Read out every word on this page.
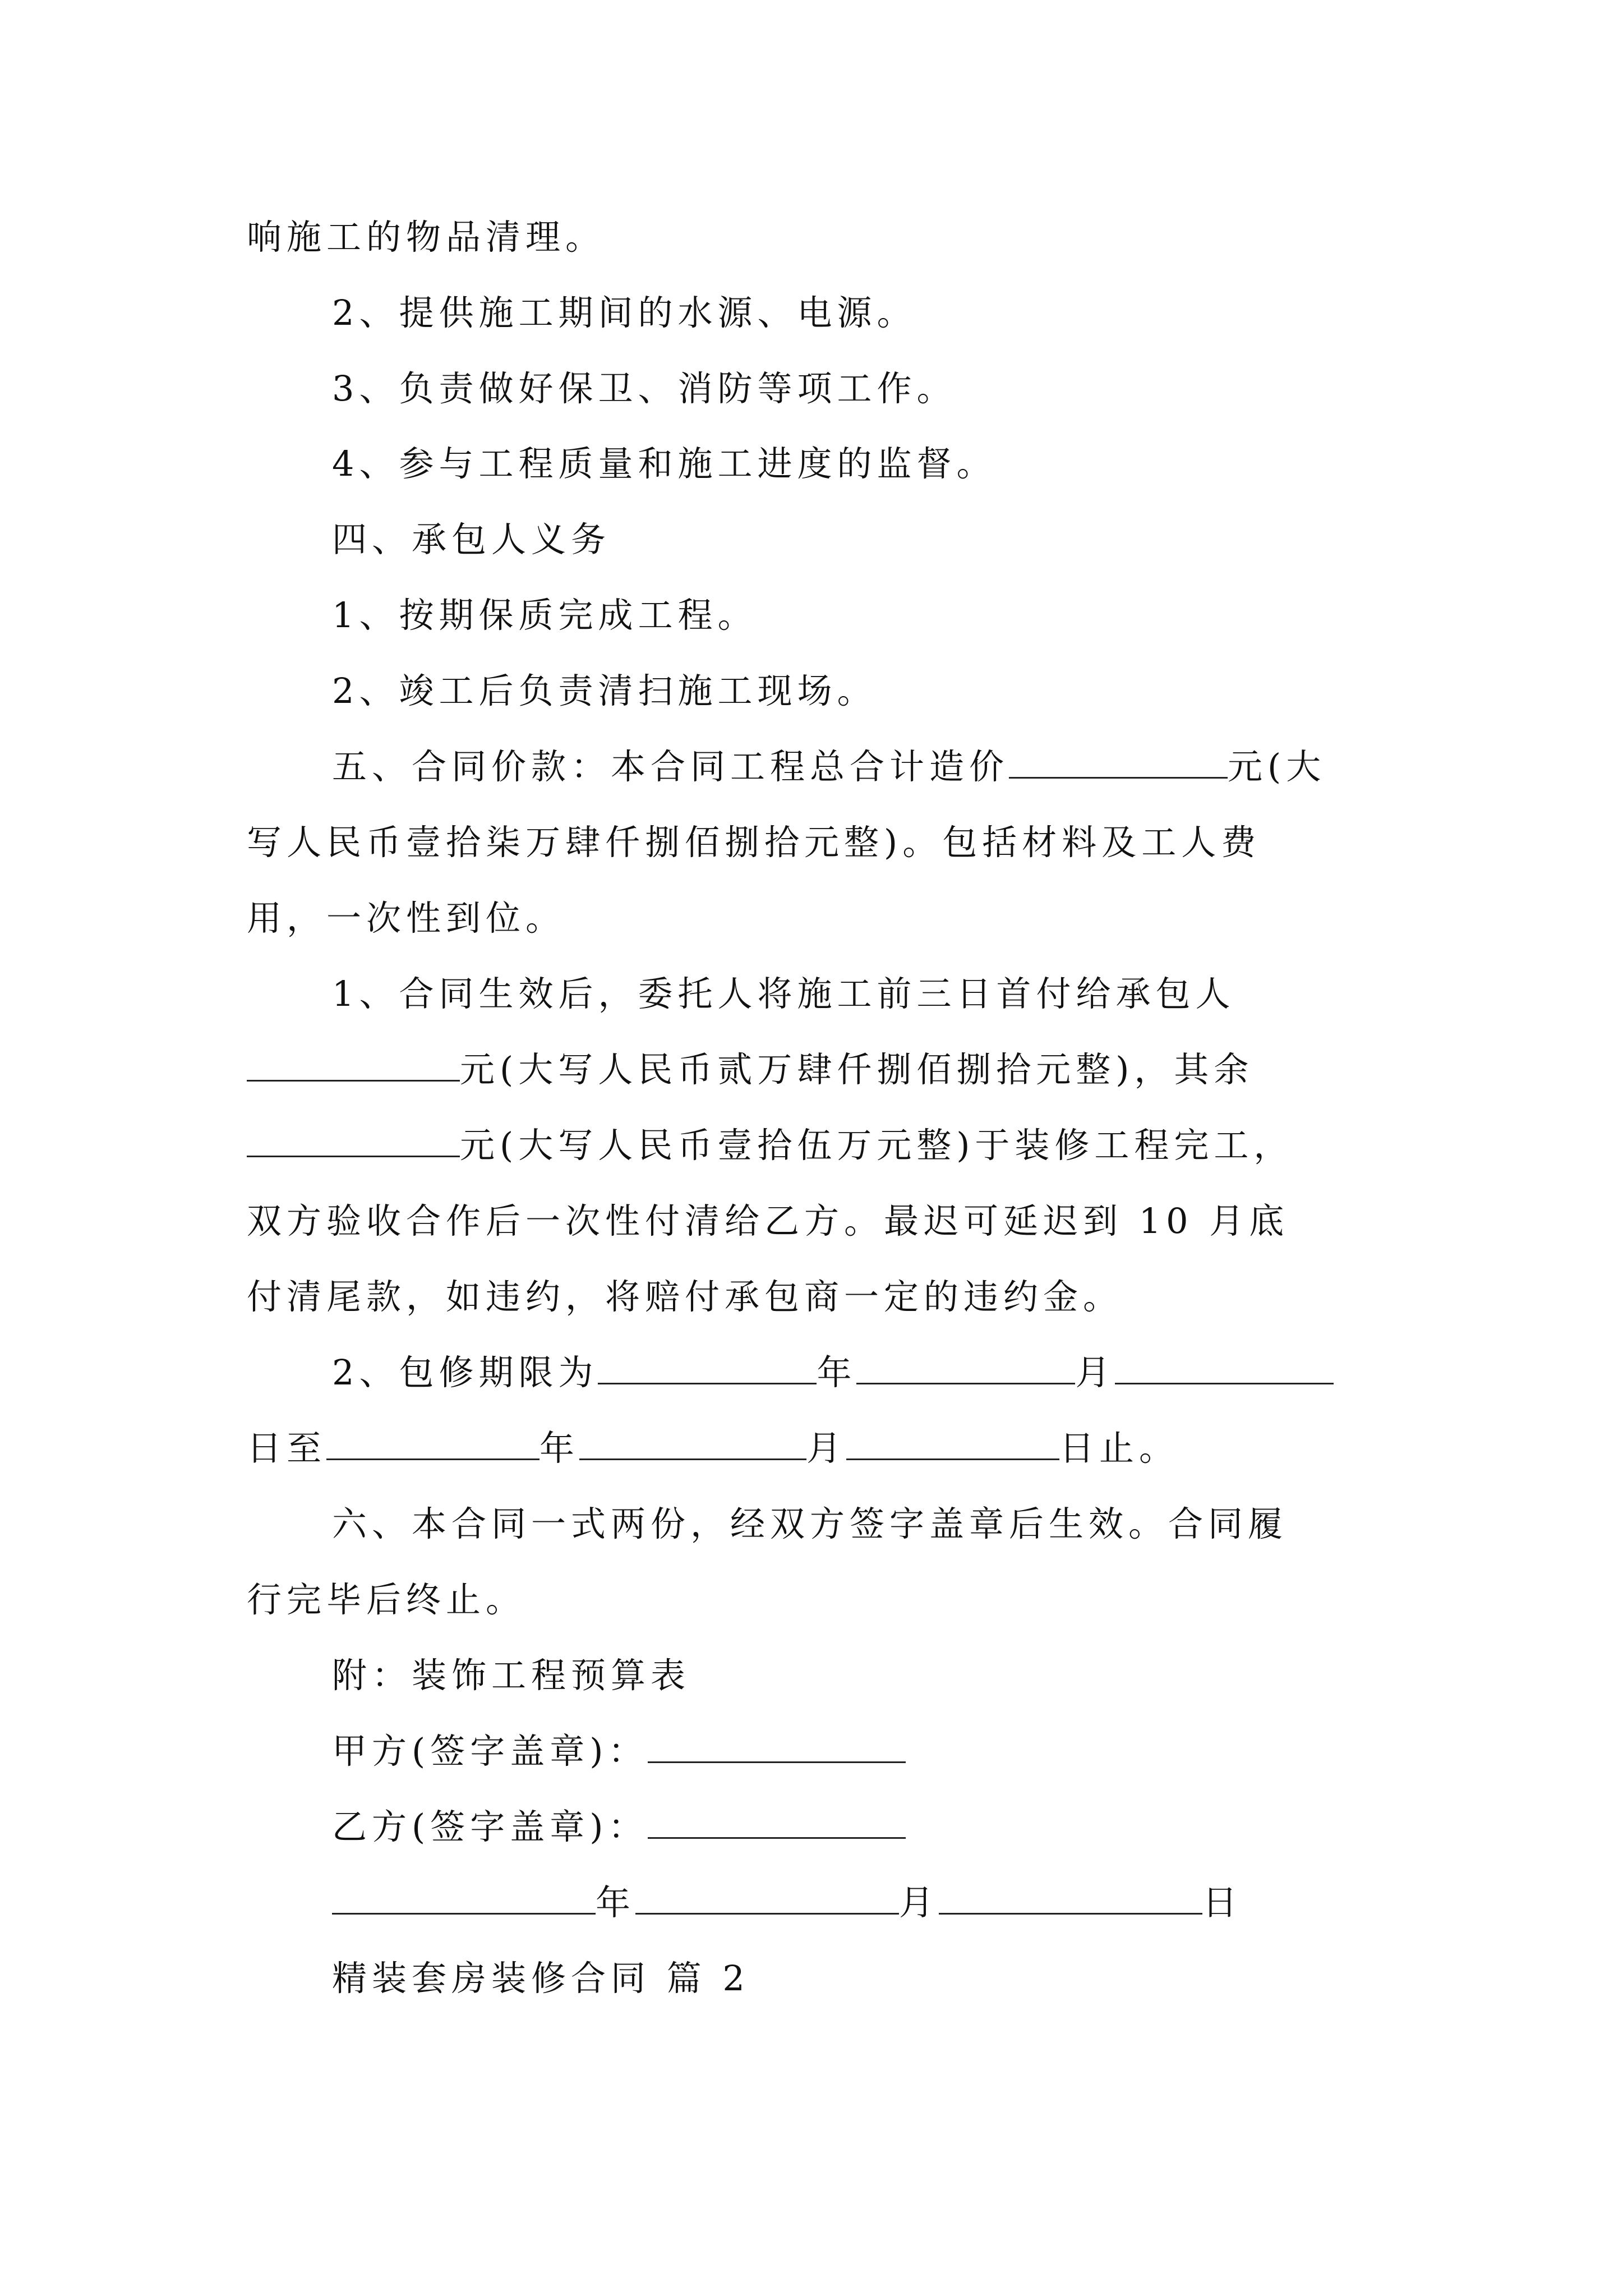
响施工的物品清理。
2、提供施工期间的水源、电源。
3、负责做好保卫、消防等项工作。
4、参与工程质量和施工进度的监督。
四、承包人义务
1、按期保质完成工程。
2、竣工后负责清扫施工现场。
五、合同价款：本合同工程总合计造价	元(大
写人民币壹拾柒万肆仟捌佰捌拾元整)。包括材料及工人费
用，一次性到位。
1、合同生效后，委托人将施工前三日首付给承包人
元(大写人民币贰万肆仟捌佰捌拾元整)，其余
元(大写人民币壹拾伍万元整)于装修工程完工，
双方验收合作后一次性付清给乙方。最迟可延迟到 10 月底
付清尾款，如违约，将赔付承包商一定的违约金。
2、包修期限为	年	月
日至	年	月	日止。
六、本合同一式两份，经双方签字盖章后生效。合同履
行完毕后终止。
附：装饰工程预算表
甲方(签字盖章)：
乙方(签字盖章)：
年	月	日
精装套房装修合同 篇 2
